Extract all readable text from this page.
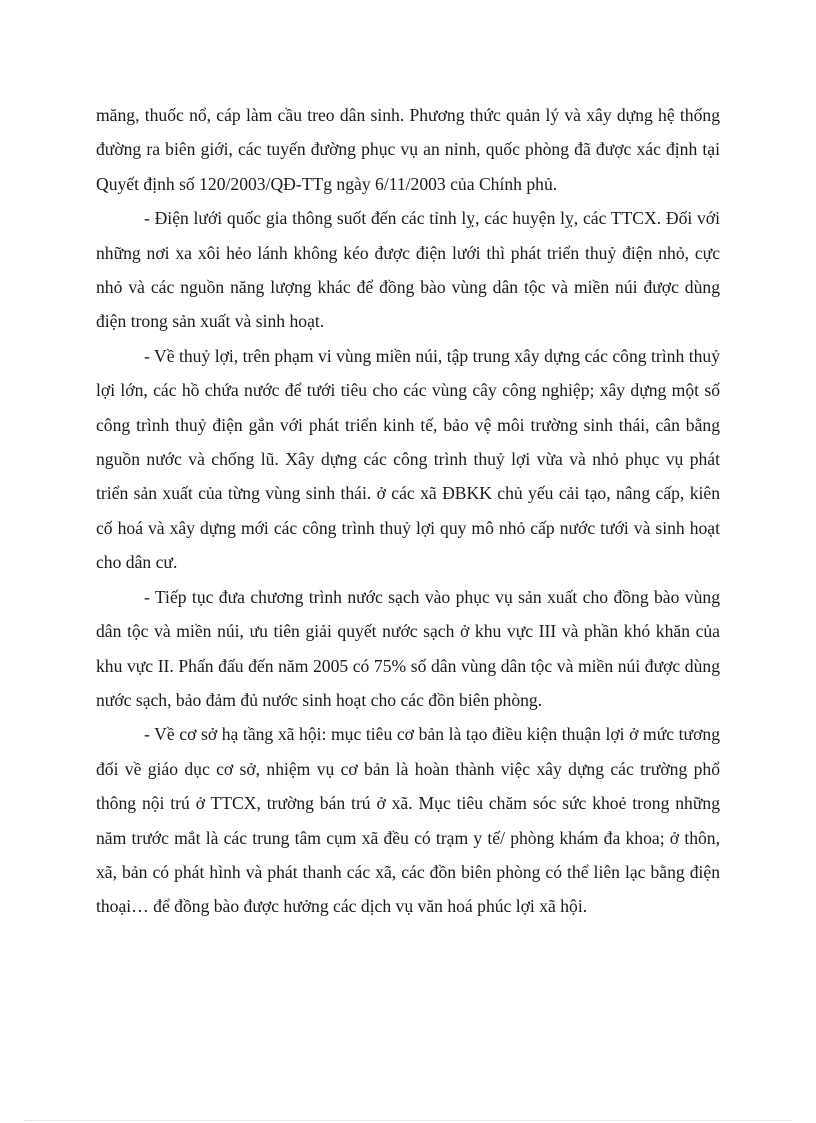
măng, thuốc nổ, cáp làm cầu treo dân sinh. Phương thức quản lý và xây dựng hệ thống đường ra biên giới, các tuyến đường phục vụ an ninh, quốc phòng đã được xác định tại Quyết định số 120/2003/QĐ-TTg ngày 6/11/2003 của Chính phủ.

- Điện lưới quốc gia thông suốt đến các tỉnh lỵ, các huyện lỵ, các TTCX. Đối với những nơi xa xôi hẻo lánh không kéo được điện lưới thì phát triển thuỷ điện nhỏ, cực nhỏ và các nguồn năng lượng khác để đồng bào vùng dân tộc và miền núi được dùng điện trong sản xuất và sinh hoạt.

- Về thuỷ lợi, trên phạm vi vùng miền núi, tập trung xây dựng các công trình thuỷ lợi lớn, các hồ chứa nước để tưới tiêu cho các vùng cây công nghiệp; xây dựng một số công trình thuỷ điện gắn với phát triển kinh tế, bảo vệ môi trường sinh thái, cân bằng nguồn nước và chống lũ. Xây dựng các công trình thuỷ lợi vừa và nhỏ phục vụ phát triển sản xuất của từng vùng sinh thái. ở các xã ĐBKK chủ yếu cải tạo, nâng cấp, kiên cố hoá và xây dựng mới các công trình thuỷ lợi quy mô nhỏ cấp nước tưới và sinh hoạt cho dân cư.

- Tiếp tục đưa chương trình nước sạch vào phục vụ sản xuất cho đồng bào vùng dân tộc và miền núi, ưu tiên giải quyết nước sạch ở khu vực III và phần khó khăn của khu vực II. Phấn đấu đến năm 2005 có 75% số dân vùng dân tộc và miền núi được dùng nước sạch, bảo đảm đủ nước sinh hoạt cho các đồn biên phòng.

- Về cơ sở hạ tầng xã hội: mục tiêu cơ bản là tạo điều kiện thuận lợi ở mức tương đối về giáo dục cơ sở, nhiệm vụ cơ bản là hoàn thành việc xây dựng các trường phổ thông nội trú ở TTCX, trường bán trú ở xã. Mục tiêu chăm sóc sức khoẻ trong những năm trước mắt là các trung tâm cụm xã đều có trạm y tế/ phòng khám đa khoa; ở thôn, xã, bản có phát hình và phát thanh các xã, các đồn biên phòng có thể liên lạc bằng điện thoại… để đồng bào được hưởng các dịch vụ văn hoá phúc lợi xã hội.
